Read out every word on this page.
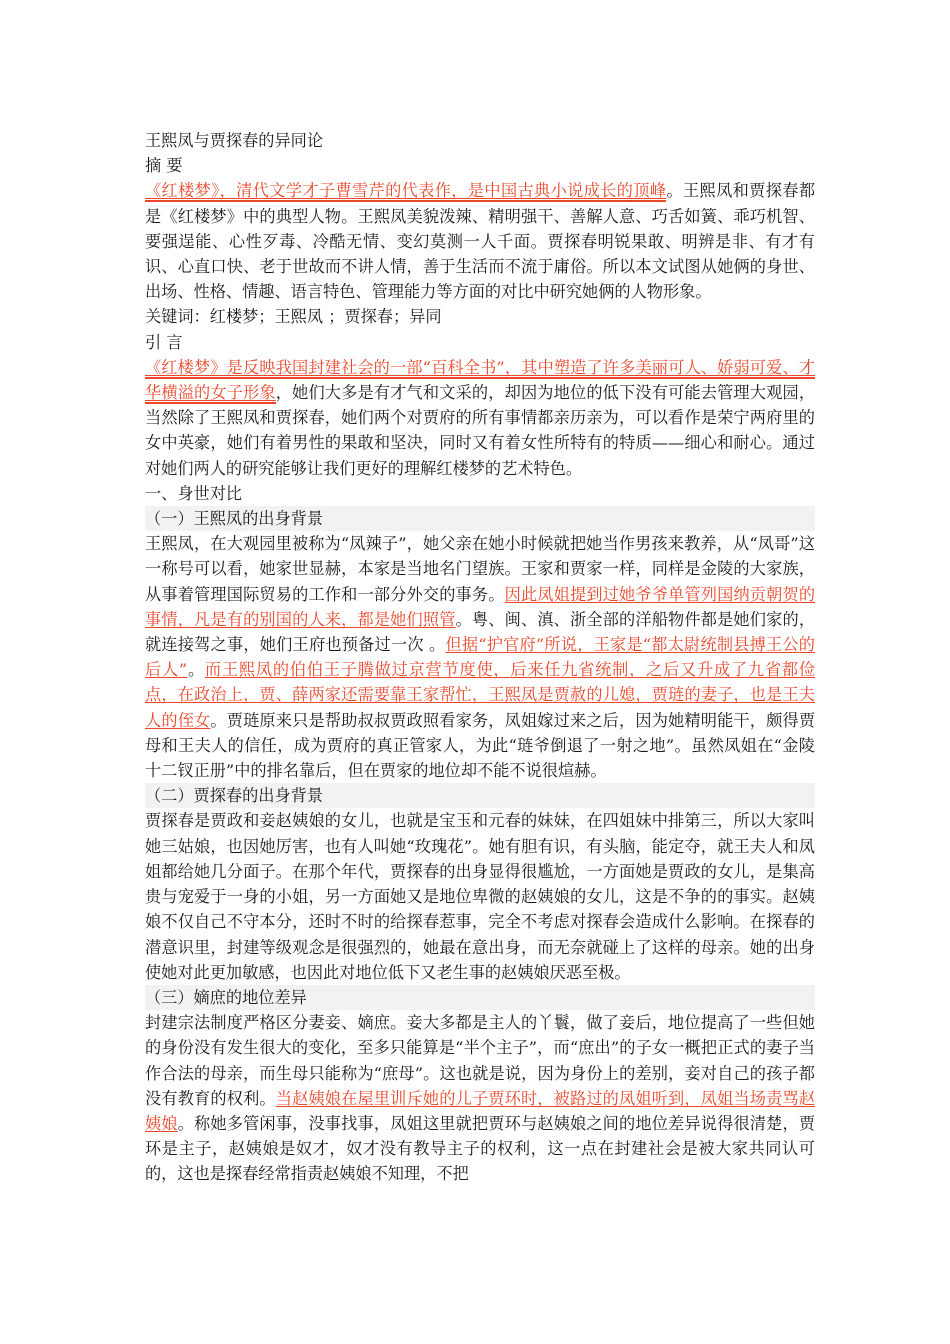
王熙凤与贾探春的异同论

摘 要

《红楼梦》，清代文学才子曹雪芹的代表作，是中国古典小说成长的顶峰。王熙凤和贾探春都是《红楼梦》中的典型人物。王熙凤美貌泼辣、精明强干、善解人意、巧舌如簧、乖巧机智、要强逞能、心性歹毒、冷酷无情、变幻莫测一人千面。贾探春明锐果敢、明辨是非、有才有识、心直口快、老于世故而不讲人情，善于生活而不流于庸俗。所以本文试图从她俩的身世、出场、性格、情趣、语言特色、管理能力等方面的对比中研究她俩的人物形象。

关键词：红楼梦；王熙凤 ；贾探春；异同

引 言

《红楼梦》是反映我国封建社会的一部“百科全书”，其中塑造了许多美丽可人、娇弱可爱、才华横溢的女子形象，她们大多是有才气和文采的，却因为地位的低下没有可能去管理大观园，当然除了王熙凤和贾探春，她们两个对贾府的所有事情都亲历亲为，可以看作是荣宁两府里的女中英豪，她们有着男性的果敢和坚决，同时又有着女性所特有的特质——细心和耐心。通过对她们两人的研究能够让我们更好的理解红楼梦的艺术特色。

一、身世对比

（一）王熙凤的出身背景

王熙凤，在大观园里被称为“凤辣子”，她父亲在她小时候就把她当作男孩来教养，从“凤哥”这一称号可以看，她家世显赫，本家是当地名门望族。王家和贾家一样，同样是金陵的大家族，从事着管理国际贸易的工作和一部分外交的事务。因此凤姐提到过她爷爷单管列国纳贡朝贺的事情，凡是有的别国的人来，都是她们照管。粤、闽、滇、浙全部的洋船物件都是她们家的，就连接驾之事，她们王府也预备过一次 。但据“护官府”所说，王家是“都太尉统制县搏王公的后人”。而王熙凤的伯伯王子腾做过京营节度使，后来任九省统制，之后又升成了九省都俭点，在政治上，贾、薛两家还需要靠王家帮忙，王熙凤是贾赦的儿媳，贾琏的妻子，也是王夫人的侄女。贾琏原来只是帮助叔叔贾政照看家务，凤姐嫁过来之后，因为她精明能干，颇得贾母和王夫人的信任，成为贾府的真正管家人，为此“琏爷倒退了一射之地”。虽然凤姐在“金陵十二钗正册”中的排名靠后，但在贾家的地位却不能不说很煊赫。

（二）贾探春的出身背景

贾探春是贾政和妾赵姨娘的女儿，也就是宝玉和元春的妹妹，在四姐妹中排第三，所以大家叫她三姑娘，也因她厉害，也有人叫她“玫瑰花”。她有胆有识，有头脑，能定夺，就王夫人和凤姐都给她几分面子。在那个年代，贾探春的出身显得很尴尬，一方面她是贾政的女儿，是集高贵与宠爱于一身的小姐，另一方面她又是地位卑微的赵姨娘的女儿，这是不争的的事实。赵姨娘不仅自己不守本分，还时不时的给探春惹事，完全不考虑对探春会造成什么影响。在探春的潜意识里，封建等级观念是很强烈的，她最在意出身，而无奈就碰上了这样的母亲。她的出身使她对此更加敏感，也因此对地位低下又老生事的赵姨娘厌恶至极。

（三）嫡庶的地位差异

封建宗法制度严格区分妻妾、嫡庶。妾大多都是主人的丫鬟，做了妾后，地位提高了一些但她的身份没有发生很大的变化，至多只能算是“半个主子”，而“庶出”的子女一概把正式的妻子当作合法的母亲，而生母只能称为“庶母”。这也就是说，因为身份上的差别，妾对自己的孩子都没有教育的权利。当赵姨娘在屋里训斥她的儿子贾环时，被路过的凤姐听到，凤姐当场责骂赵姨娘。称她多管闲事，没事找事，凤姐这里就把贾环与赵姨娘之间的地位差异说得很清楚，贾环是主子，赵姨娘是奴才，奴才没有教导主子的权利，这一点在封建社会是被大家共同认可的，这也是探春经常指责赵姨娘不知理，不把
